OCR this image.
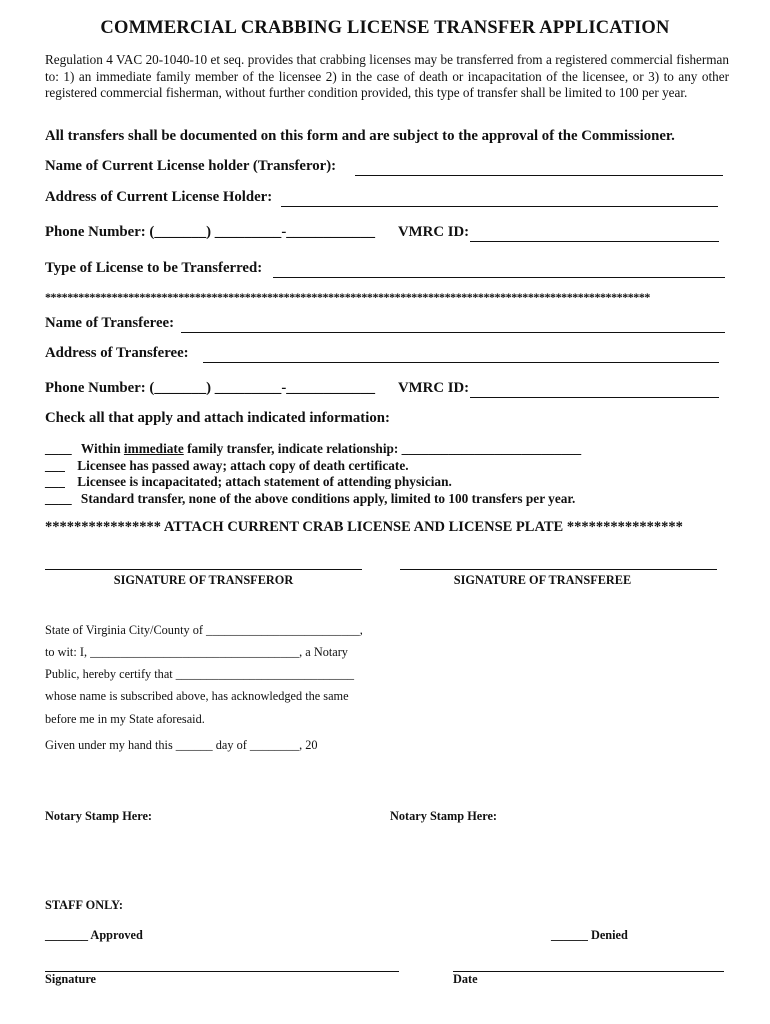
COMMERCIAL CRABBING LICENSE TRANSFER APPLICATION
Regulation 4 VAC 20-1040-10 et seq. provides that crabbing licenses may be transferred from a registered commercial fisherman to: 1) an immediate family member of the licensee 2) in the case of death or incapacitation of the licensee, or 3) to any other registered commercial fisherman, without further condition provided, this type of transfer shall be limited to 100 per year.
All transfers shall be documented on this form and are subject to the approval of the Commissioner.
Name of Current License holder (Transferor):
Address of Current License Holder:
Phone Number: (_______) _________-____________ VMRC ID:
Type of License to be Transferred:
*************************************************************************************************************
Name of Transferee:
Address of Transferee:
Phone Number: (_______) _________-____________ VMRC ID:
Check all that apply and attach indicated information:
____ Within immediate family transfer, indicate relationship: ___________________________
___ Licensee has passed away; attach copy of death certificate.
___ Licensee is incapacitated; attach statement of attending physician.
____ Standard transfer, none of the above conditions apply, limited to 100 transfers per year.
**************** ATTACH CURRENT CRAB LICENSE AND LICENSE PLATE ****************
SIGNATURE OF TRANSFEROR	SIGNATURE OF TRANSFEREE
State of Virginia City/County of _________________________,
to wit: I, __________________________________, a Notary
Public, hereby certify that _____________________________
whose name is subscribed above, has acknowledged the same
before me in my State aforesaid.
Given under my hand this ______ day of ________, 20
Notary Stamp Here:	Notary Stamp Here:
STAFF ONLY:
_______ Approved	______ Denied
Signature	Date
